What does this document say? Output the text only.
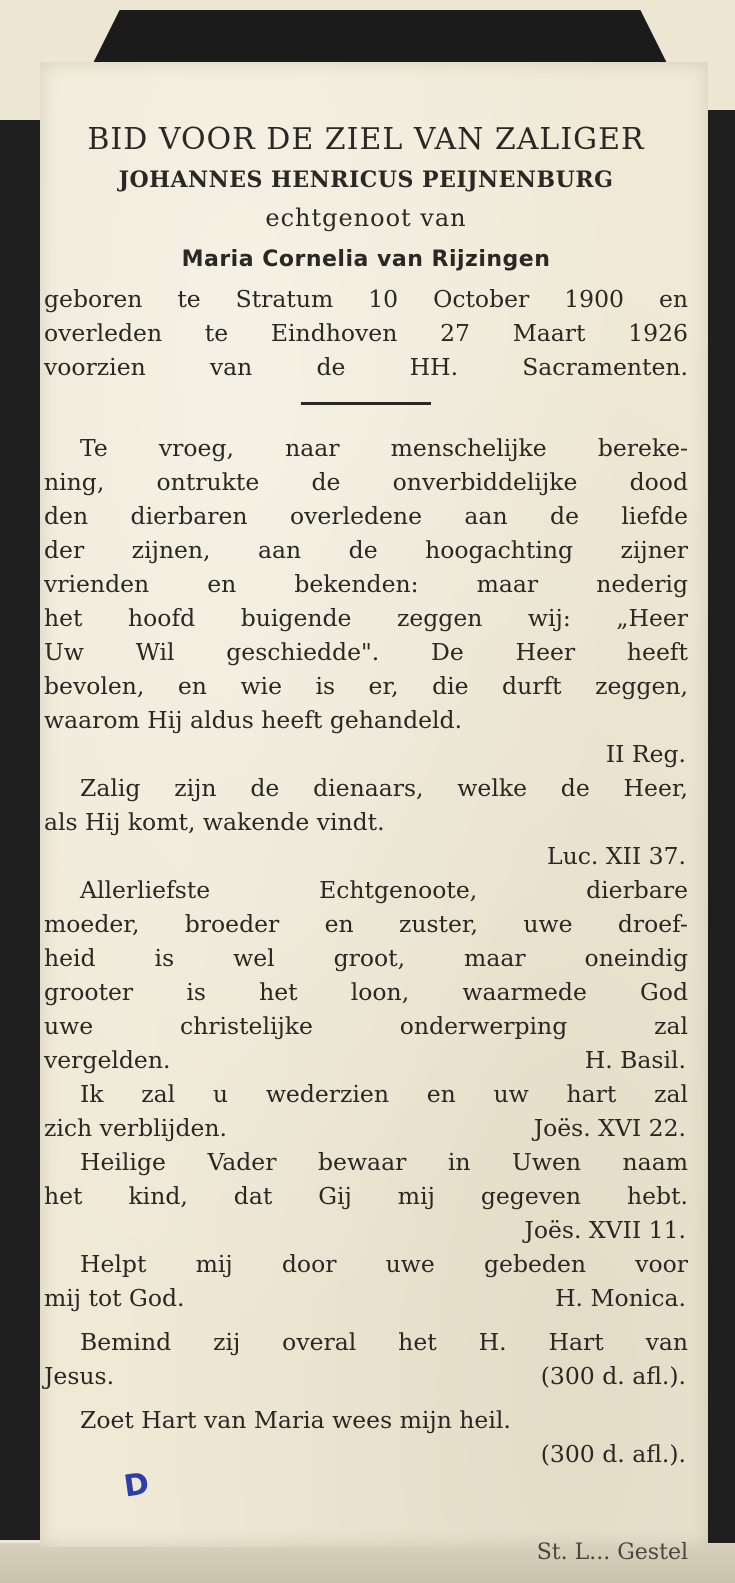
BID VOOR DE ZIEL VAN ZALIGER

JOHANNES HENRICUS PEIJNENBURG

echtgenoot van

Maria Cornelia van Rijzingen

geboren te Stratum 10 October 1900 en

overleden te Eindhoven 27 Maart 1926

voorzien van de HH. Sacramenten.

Te vroeg, naar menschelijke bereke-

ning, ontrukte de onverbiddelijke dood

den dierbaren overledene aan de liefde

der zijnen, aan de hoogachting zijner

vrienden en bekenden: maar nederig

het hoofd buigende zeggen wij: „Heer

Uw Wil geschiedde". De Heer heeft

bevolen, en wie is er, die durft zeggen,

waarom Hij aldus heeft gehandeld.

II Reg.

Zalig zijn de dienaars, welke de Heer,

als Hij komt, wakende vindt.

Luc. XII 37.

Allerliefste Echtgenoote, dierbare

moeder, broeder en zuster, uwe droef-

heid is wel groot, maar oneindig

grooter is het loon, waarmede God

uwe christelijke onderwerping zal

vergelden.	H. Basil.

Ik zal u wederzien en uw hart zal

zich verblijden.	Joës. XVI 22.

Heilige Vader bewaar in Uwen naam

het kind, dat Gij mij gegeven hebt.

Joës. XVII 11.

Helpt mij door uwe gebeden voor

mij tot God.	H. Monica.

Bemind zij overal het H. Hart van

Jesus.	(300 d. afl.).

Zoet Hart van Maria wees mijn heil.

(300 d. afl.).

D
St. L... Gestel
